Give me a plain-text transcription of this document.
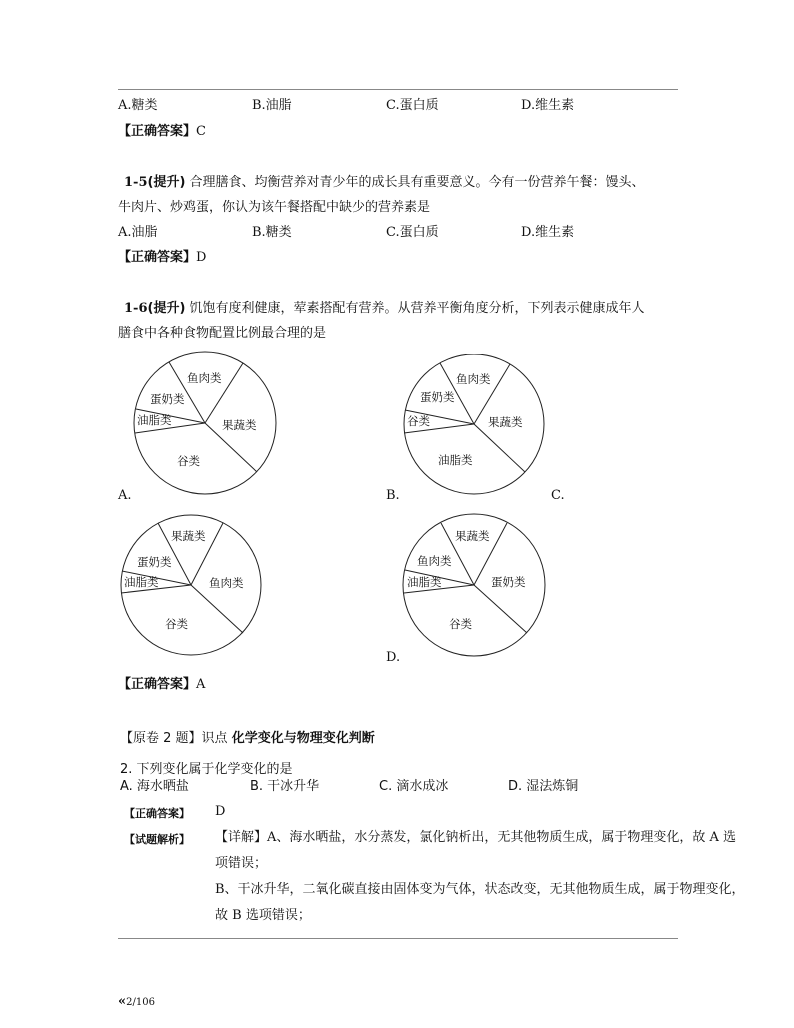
A.糖类	B.油脂	C.蛋白质	D.维生素
【正确答案】C
1-5(提升) 合理膳食、均衡营养对青少年的成长具有重要意义。今有一份营养午餐：馒头、
牛肉片、炒鸡蛋，你认为该午餐搭配中缺少的营养素是
A.油脂	B.糖类	C.蛋白质	D.维生素
【正确答案】D
1-6(提升) 饥饱有度利健康，荤素搭配有营养。从营养平衡角度分析，下列表示健康成年人
膳食中各种食物配置比例最合理的是
鱼肉类
果蔬类
谷类
油脂类
蛋奶类
A.
鱼肉类
果蔬类
油脂类
谷类
蛋奶类
B.	C.
果蔬类
鱼肉类
谷类
油脂类
蛋奶类
果蔬类
蛋奶类
谷类
油脂类
鱼肉类
D.
【正确答案】A
【原卷 2 题】识点 化学变化与物理变化判断
2. 下列变化属于化学变化的是
A. 海水晒盐	B. 干冰升华	C. 滴水成冰	D. 湿法炼铜
【正确答案】 D
【试题解析】 【详解】A、海水晒盐，水分蒸发，氯化钠析出，无其他物质生成，属于物理变化，故 A 选
项错误；
B、干冰升华，二氧化碳直接由固体变为气体，状态改变，无其他物质生成，属于物理变化，
故 B 选项错误；
«2/106
